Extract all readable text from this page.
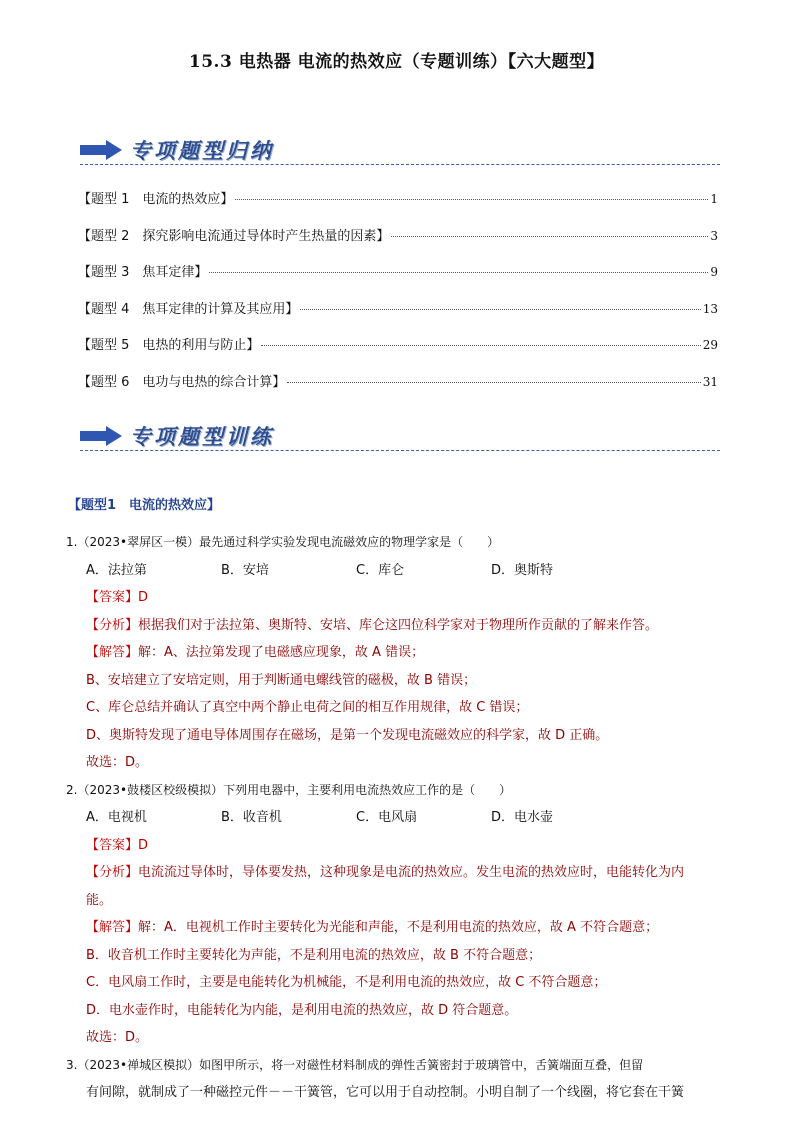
15.3 电热器 电流的热效应（专题训练）【六大题型】
专项题型归纳
【题型 1　电流的热效应】	1
【题型 2　探究影响电流通过导体时产生热量的因素】	3
【题型 3　焦耳定律】	9
【题型 4　焦耳定律的计算及其应用】	13
【题型 5　电热的利用与防止】	29
【题型 6　电功与电热的综合计算】	31
专项题型训练
【题型1　电流的热效应】
1.（2023•翠屏区一模）最先通过科学实验发现电流磁效应的物理学家是（　　）
A．法拉第	B．安培	C．库仑	D．奥斯特
【答案】D
【分析】根据我们对于法拉第、奥斯特、安培、库仑这四位科学家对于物理所作贡献的了解来作答。
【解答】解：A、法拉第发现了电磁感应现象，故 A 错误；
B、安培建立了安培定则，用于判断通电螺线管的磁极，故 B 错误；
C、库仑总结并确认了真空中两个静止电荷之间的相互作用规律，故 C 错误；
D、奥斯特发现了通电导体周围存在磁场，是第一个发现电流磁效应的科学家，故 D 正确。
故选：D。
2.（2023•鼓楼区校级模拟）下列用电器中，主要利用电流热效应工作的是（　　）
A．电视机	B．收音机	C．电风扇	D．电水壶
【答案】D
【分析】电流流过导体时，导体要发热，这种现象是电流的热效应。发生电流的热效应时，电能转化为内
能。
【解答】解：A．电视机工作时主要转化为光能和声能，不是利用电流的热效应，故 A 不符合题意；
B．收音机工作时主要转化为声能，不是利用电流的热效应，故 B 不符合题意；
C．电风扇工作时，主要是电能转化为机械能，不是利用电流的热效应，故 C 不符合题意；
D．电水壶作时，电能转化为内能，是利用电流的热效应，故 D 符合题意。
故选：D。
3.（2023•禅城区模拟）如图甲所示，将一对磁性材料制成的弹性舌簧密封于玻璃管中，舌簧端面互叠，但留
有间隙，就制成了一种磁控元件－－干簧管，它可以用于自动控制。小明自制了一个线圈，将它套在干簧
